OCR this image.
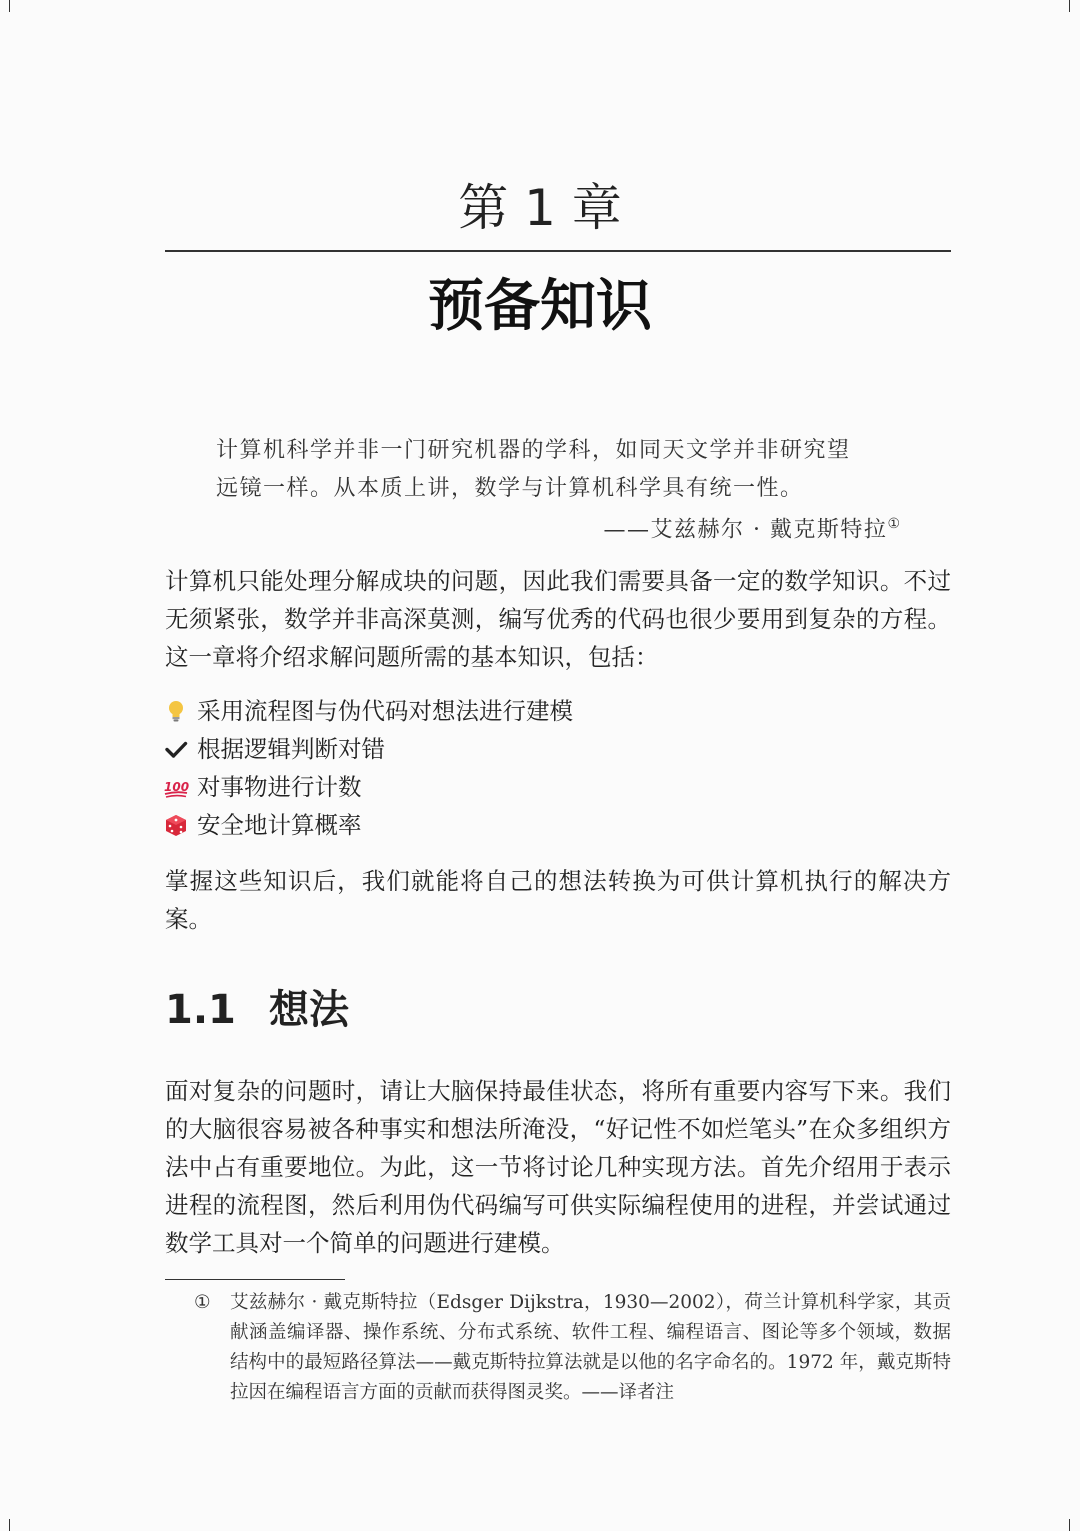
第 1 章
预备知识

计算机科学并非一门研究机器的学科，如同天文学并非研究望

远镜一样。从本质上讲，数学与计算机科学具有统一性。

——艾兹赫尔 · 戴克斯特拉①

计算机只能处理分解成块的问题，因此我们需要具备一定的数学知识。不过无须紧张，数学并非高深莫测，编写优秀的代码也很少要用到复杂的方程。这一章将介绍求解问题所需的基本知识，包括：

采用流程图与伪代码对想法进行建模
根据逻辑判断对错
100 对事物进行计数
安全地计算概率

掌握这些知识后，我们就能将自己的想法转换为可供计算机执行的解决方案。

1.1 想法

面对复杂的问题时，请让大脑保持最佳状态，将所有重要内容写下来。我们的大脑很容易被各种事实和想法所淹没，“好记性不如烂笔头”在众多组织方法中占有重要地位。为此，这一节将讨论几种实现方法。首先介绍用于表示进程的流程图，然后利用伪代码编写可供实际编程使用的进程，并尝试通过数学工具对一个简单的问题进行建模。

①	艾兹赫尔 · 戴克斯特拉（Edsger Dijkstra，1930—2002），荷兰计算机科学家，其贡献涵盖编译器、操作系统、分布式系统、软件工程、编程语言、图论等多个领域，数据结构中的最短路径算法——戴克斯特拉算法就是以他的名字命名的。1972 年，戴克斯特拉因在编程语言方面的贡献而获得图灵奖。——译者注
